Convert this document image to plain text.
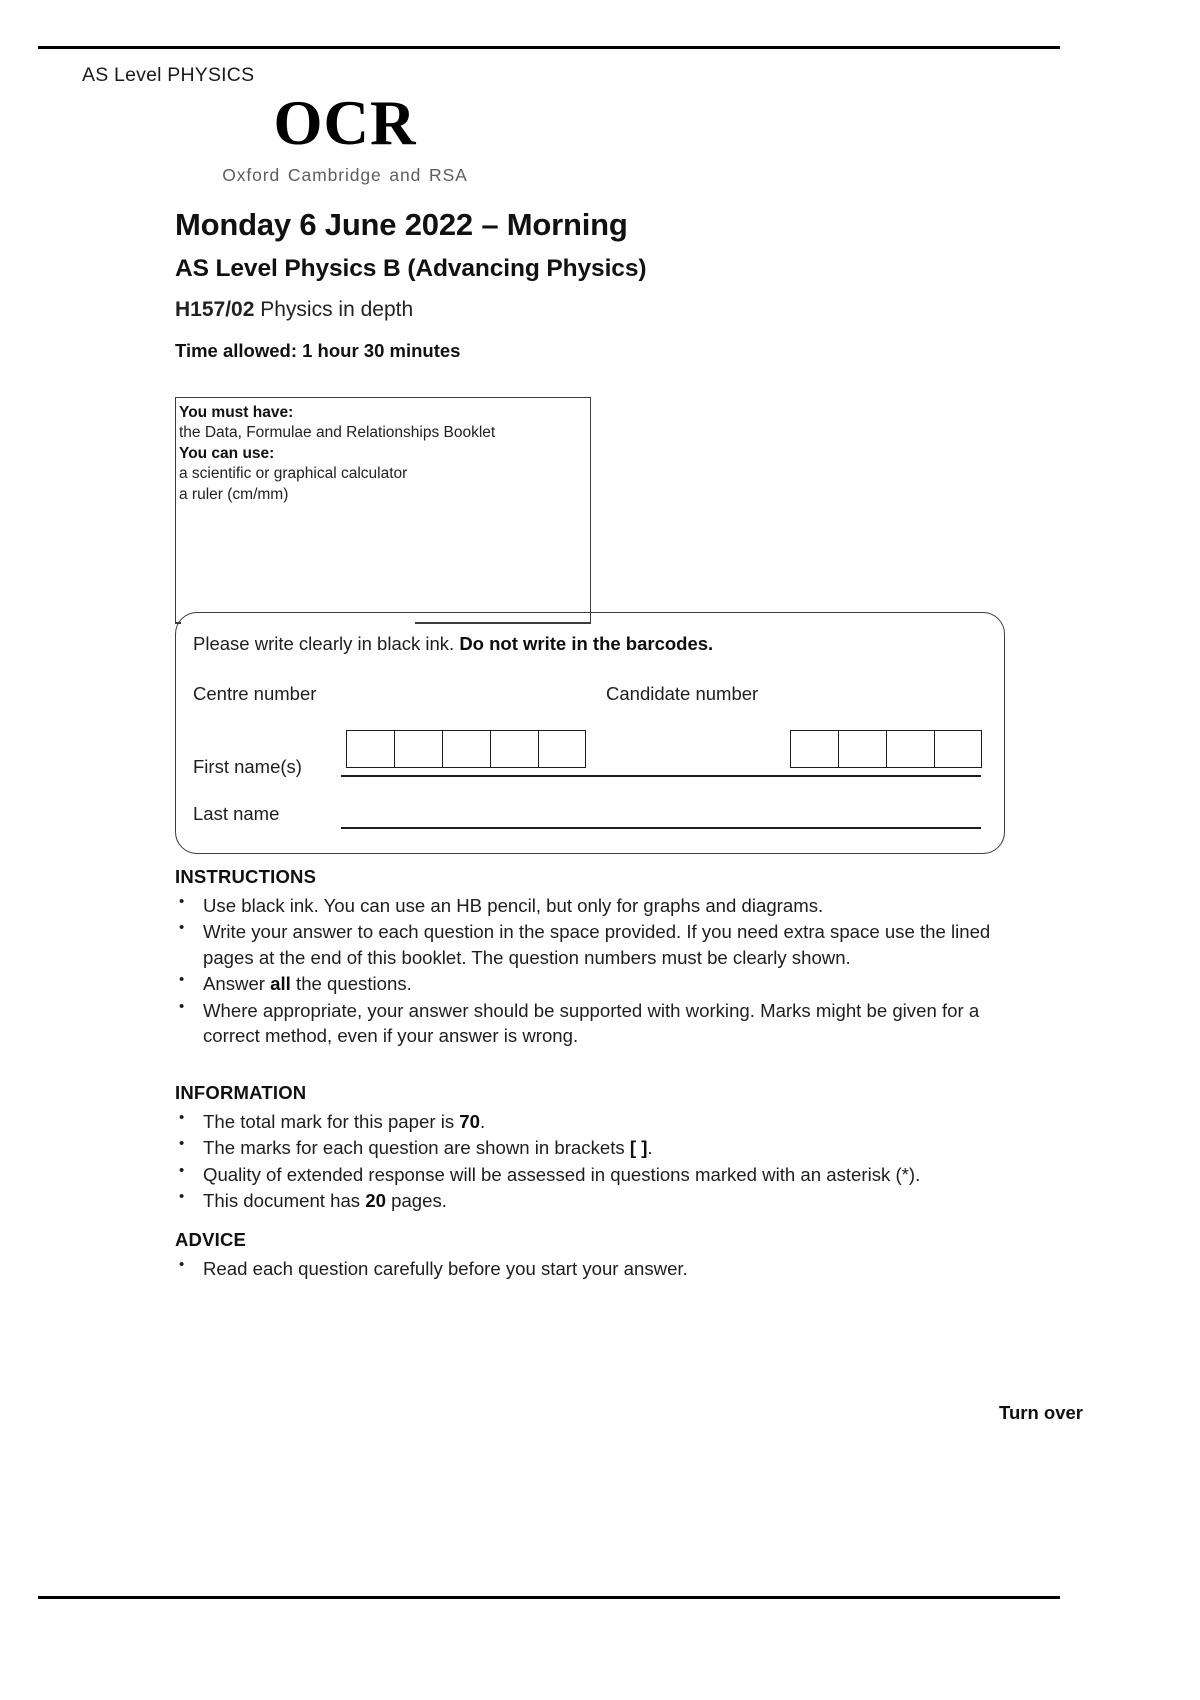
AS Level PHYSICS
OCR
Oxford Cambridge and RSA
Monday 6 June 2022 – Morning
AS Level Physics B (Advancing Physics)
H157/02 Physics in depth
Time allowed: 1 hour 30 minutes
You must have:
the Data, Formulae and Relationships Booklet
You can use:
a scientific or graphical calculator
a ruler (cm/mm)
Please write clearly in black ink. Do not write in the barcodes.
Centre number	Candidate number
First name(s)
Last name
INSTRUCTIONS
• Use black ink. You can use an HB pencil, but only for graphs and diagrams.
• Write your answer to each question in the space provided. If you need extra space use the lined pages at the end of this booklet. The question numbers must be clearly shown.
• Answer all the questions.
• Where appropriate, your answer should be supported with working. Marks might be given for a correct method, even if your answer is wrong.
INFORMATION
• The total mark for this paper is 70.
• The marks for each question are shown in brackets [ ].
• Quality of extended response will be assessed in questions marked with an asterisk (*).
• This document has 20 pages.
ADVICE
• Read each question carefully before you start your answer.
Turn over
